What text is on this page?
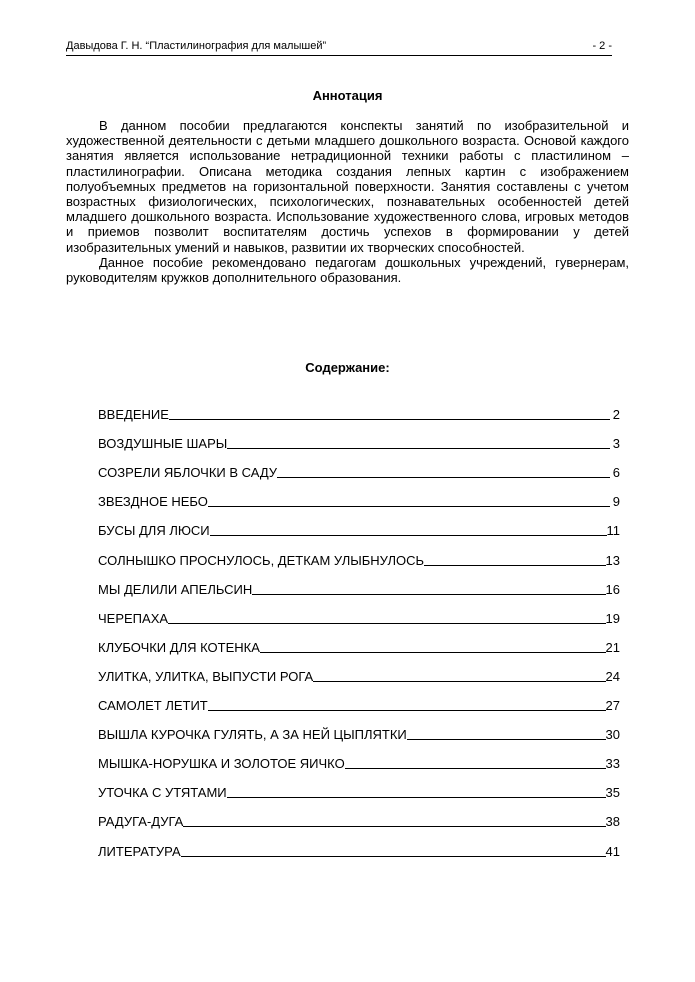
Давыдова Г. Н. “Пластилинография для малышей”	- 2 -
Аннотация

В данном пособии предлагаются конспекты занятий по изобразительной и художественной деятельности с детьми младшего дошкольного возраста. Основой каждого занятия является использование нетрадиционной техники работы с пластилином – пластилинографии. Описана методика создания лепных картин с изображением полуобъемных предметов на горизонтальной поверхности. Занятия составлены с учетом возрастных физиологических, психологических, познавательных особенностей детей младшего дошкольного возраста. Использование художественного слова, игровых методов и приемов позволит воспитателям достичь успехов в формировании у детей изобразительных умений и навыков, развитии их творческих способностей.

Данное пособие рекомендовано педагогам дошкольных учреждений, гувернерам, руководителям кружков дополнительного образования.

Содержание:
ВВЕДЕНИЕ	2
ВОЗДУШНЫЕ ШАРЫ	3
СОЗРЕЛИ ЯБЛОЧКИ В САДУ	6
ЗВЕЗДНОЕ НЕБО	9
БУСЫ ДЛЯ ЛЮСИ	11
СОЛНЫШКО ПРОСНУЛОСЬ, ДЕТКАМ УЛЫБНУЛОСЬ	13
МЫ ДЕЛИЛИ АПЕЛЬСИН	16
ЧЕРЕПАХА	19
КЛУБОЧКИ ДЛЯ КОТЕНКА	21
УЛИТКА, УЛИТКА, ВЫПУСТИ РОГА	24
САМОЛЕТ ЛЕТИТ	27
ВЫШЛА КУРОЧКА ГУЛЯТЬ, А ЗА НЕЙ ЦЫПЛЯТКИ	30
МЫШКА-НОРУШКА И ЗОЛОТОЕ ЯИЧКО	33
УТОЧКА С УТЯТАМИ	35
РАДУГА-ДУГА	38
ЛИТЕРАТУРА	41
